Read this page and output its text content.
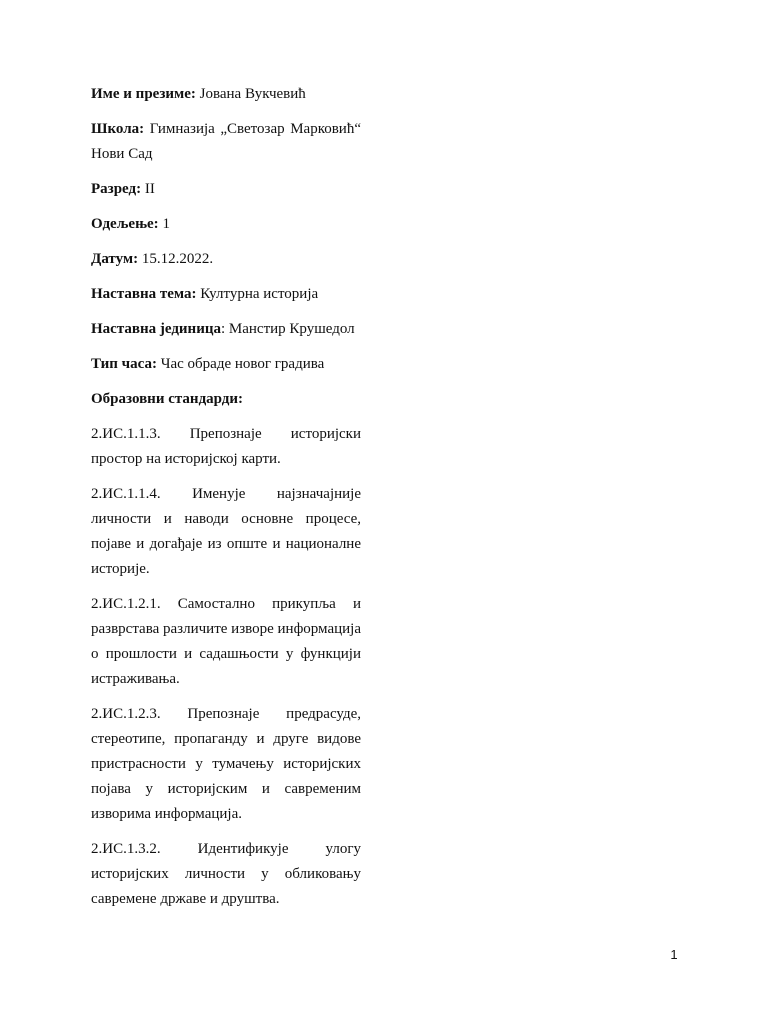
Име и презиме: Јована Вукчевић

Школа: Гимназија „Светозар Марковић“ Нови Сад

Разред: II

Одељење: 1

Датум: 15.12.2022.

Наставна тема: Културна историја

Наставна јединица: Манстир Крушедол

Тип часа: Час обраде новог градива

Образовни стандарди:

2.ИС.1.1.3. Препознаје историјски простор на историјској карти.

2.ИС.1.1.4. Именује најзначајније личности и наводи основне процесе, појаве и догађаје из опште и националне историје.

2.ИС.1.2.1. Самостално прикупља и разврстава различите изворе информација о прошлости и садашњости у функцији истраживања.

2.ИС.1.2.3. Препознаје предрасуде, стереотипе, пропаганду и друге видове пристрасности у тумачењу историјских појава у историјским и савременим изворима информација.

2.ИС.1.3.2. Идентификује улогу историјских личности у обликовању савремене државе и друштва.

1
